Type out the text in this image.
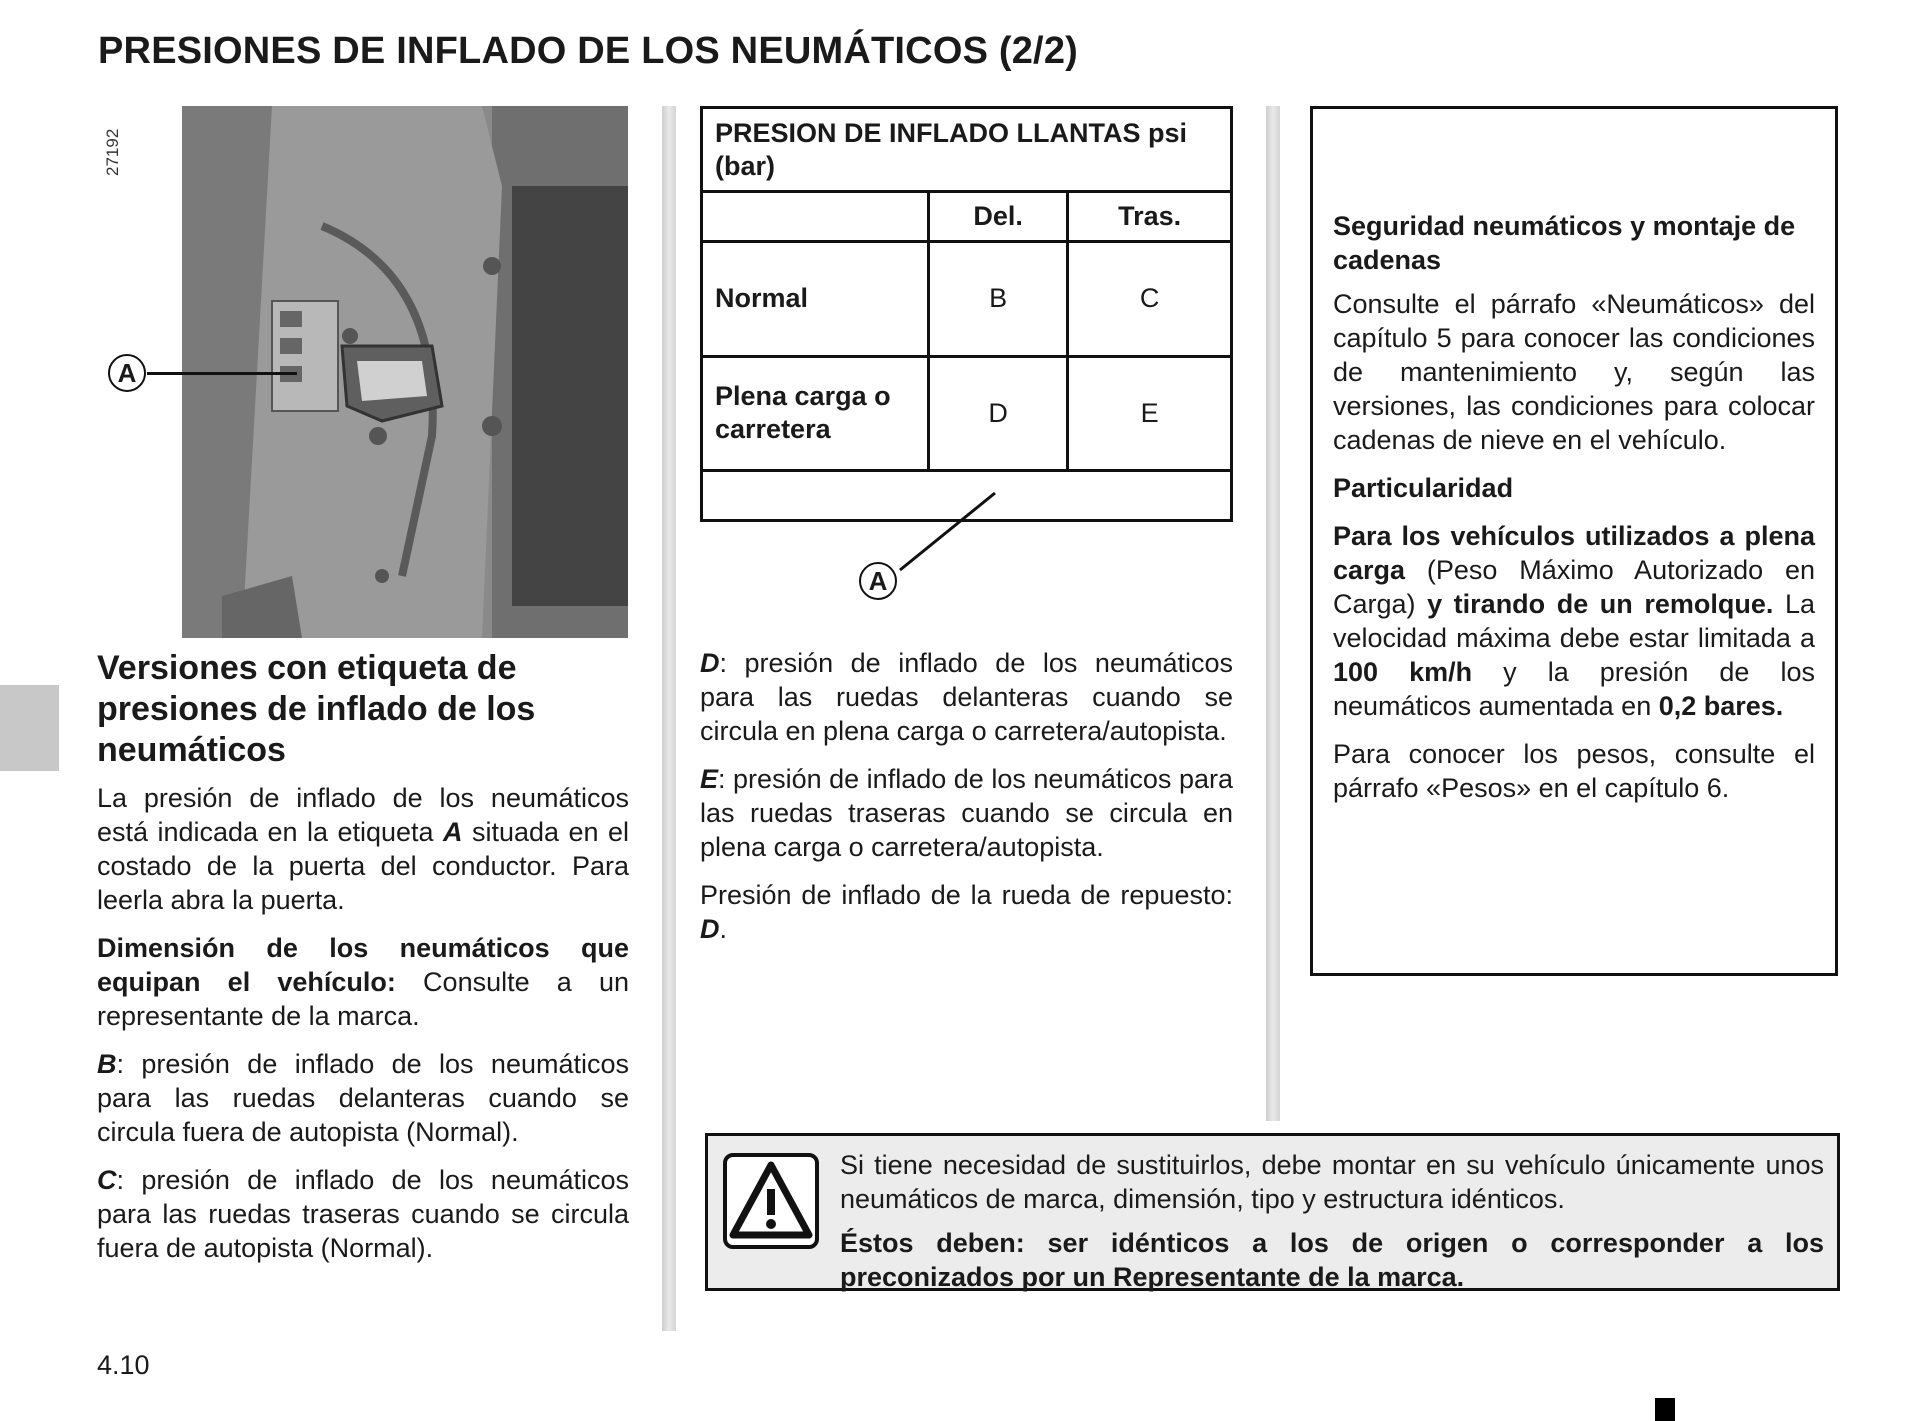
PRESIONES DE INFLADO DE LOS NEUMÁTICOS (2/2)
27192
A
Versiones con etiqueta de presiones de inflado de los neumáticos

La presión de inflado de los neumáticos está indicada en la etiqueta A situada en el costado de la puerta del conductor. Para leerla abra la puerta.

Dimensión de los neumáticos que equipan el vehículo: Consulte a un representante de la marca.

B: presión de inflado de los neumáticos para las ruedas delanteras cuando se circula fuera de autopista (Normal).

C: presión de inflado de los neumáticos para las ruedas traseras cuando se circula fuera de autopista (Normal).

PRESION DE INFLADO LLANTAS psi (bar)		
	Del.	Tras.
Normal	B	C
Plena carga o carretera	D	E

A

D: presión de inflado de los neumáticos para las ruedas delanteras cuando se circula en plena carga o carretera/autopista.

E: presión de inflado de los neumáticos para las ruedas traseras cuando se circula en plena carga o carretera/autopista.

Presión de inflado de la rueda de repuesto: D.

Seguridad neumáticos y montaje de cadenas

Consulte el párrafo «Neumáticos» del capítulo 5 para conocer las condiciones de mantenimiento y, según las versiones, las condiciones para colocar cadenas de nieve en el vehículo.

Particularidad

Para los vehículos utilizados a plena carga (Peso Máximo Autorizado en Carga) y tirando de un remolque. La velocidad máxima debe estar limitada a 100 km/h y la presión de los neumáticos aumentada en 0,2 bares.

Para conocer los pesos, consulte el párrafo «Pesos» en el capítulo 6.

Si tiene necesidad de sustituirlos, debe montar en su vehículo únicamente unos neumáticos de marca, dimensión, tipo y estructura idénticos.

Éstos deben: ser idénticos a los de origen o corresponder a los preconizados por un Representante de la marca.

4.10
